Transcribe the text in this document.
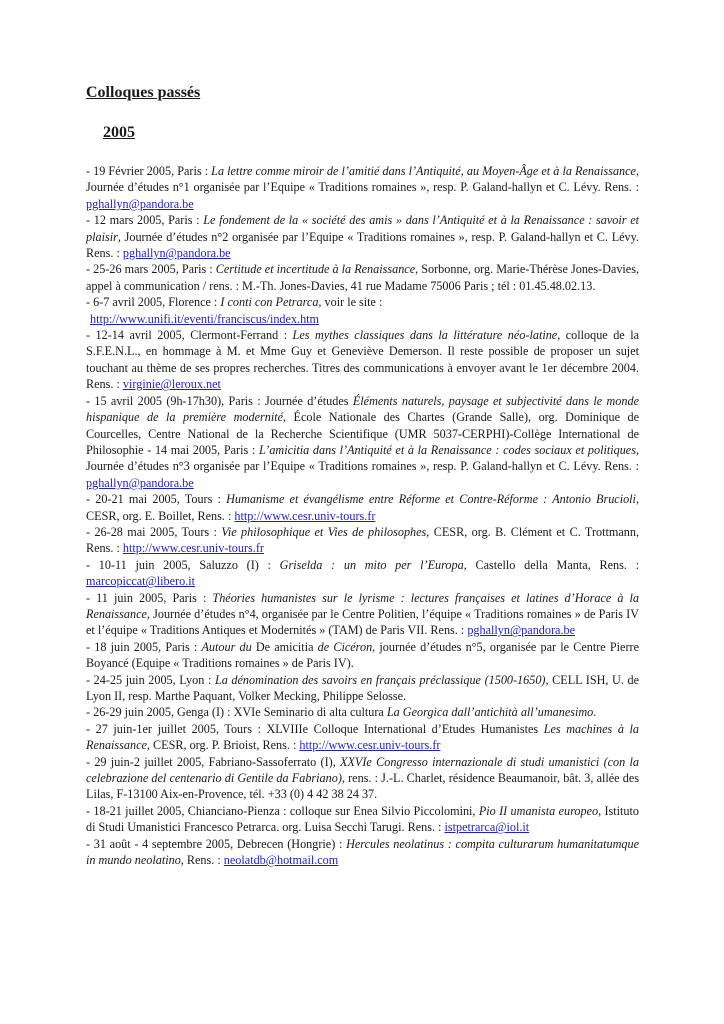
Colloques passés
2005

- 19 Février 2005, Paris : La lettre comme miroir de l’amitié dans l’Antiquité, au Moyen-Âge et à la Renaissance, Journée d’études n°1 organisée par l’Equipe « Traditions romaines », resp. P. Galand-hallyn et C. Lévy. Rens. : pghallyn@pandora.be

- 12 mars 2005, Paris : Le fondement de la « société des amis » dans l’Antiquité et à la Renaissance : savoir et plaisir, Journée d’études n°2 organisée par l’Equipe « Traditions romaines », resp. P. Galand-hallyn et C. Lévy. Rens. : pghallyn@pandora.be

- 25-26 mars 2005, Paris : Certitude et incertitude à la Renaissance, Sorbonne, org. Marie-Thérèse Jones-Davies, appel à communication / rens. : M.-Th. Jones-Davies, 41 rue Madame 75006 Paris ; tél : 01.45.48.02.13.

- 6-7 avril 2005, Florence : I conti con Petrarca, voir le site :
http://www.unifi.it/eventi/franciscus/index.htm

- 12-14 avril 2005, Clermont-Ferrand : Les mythes classiques dans la littérature néo-latine, colloque de la S.F.E.N.L., en hommage à M. et Mme Guy et Geneviève Demerson. Il reste possible de proposer un sujet touchant au thème de ses propres recherches. Titres des communications à envoyer avant le 1er décembre 2004. Rens. : virginie@leroux.net

- 15 avril 2005 (9h-17h30), Paris : Journée d’études Éléments naturels, paysage et subjectivité dans le monde hispanique de la première modernité, École Nationale des Chartes (Grande Salle), org. Dominique de Courcelles, Centre National de la Recherche Scientifique (UMR 5037-CERPHI)-Collège International de Philosophie - 14 mai 2005, Paris : L’amicitia dans l’Antiquité et à la Renaissance : codes sociaux et politiques, Journée d’études n°3 organisée par l’Equipe « Traditions romaines », resp. P. Galand-hallyn et C. Lévy. Rens. : pghallyn@pandora.be

- 20-21 mai 2005, Tours : Humanisme et évangélisme entre Réforme et Contre-Réforme : Antonio Brucioli, CESR, org. E. Boillet, Rens. : http://www.cesr.univ-tours.fr

- 26-28 mai 2005, Tours : Vie philosophique et Vies de philosophes, CESR, org. B. Clément et C. Trottmann, Rens. : http://www.cesr.univ-tours.fr

- 10-11 juin 2005, Saluzzo (I) : Griselda : un mito per l’Europa, Castello della Manta, Rens. : marcopiccat@libero.it

- 11 juin 2005, Paris : Théories humanistes sur le lyrisme : lectures françaises et latines d’Horace à la Renaissance, Journée d’études n°4, organisée par le Centre Politien, l’équipe « Traditions romaines » de Paris IV et l’équipe « Traditions Antiques et Modernités » (TAM) de Paris VII. Rens. : pghallyn@pandora.be

- 18 juin 2005, Paris : Autour du De amicitia de Cicéron, journée d’études n°5, organisée par le Centre Pierre Boyancé (Equipe « Traditions romaines » de Paris IV).

- 24-25 juin 2005, Lyon : La dénomination des savoirs en français préclassique (1500-1650), CELL ISH, U. de Lyon II, resp. Marthe Paquant, Volker Mecking, Philippe Selosse.

- 26-29 juin 2005, Genga (I) : XVIe Seminario di alta cultura La Georgica dall’antichità all’umanesimo.

- 27 juin-1er juillet 2005, Tours : XLVIIIe Colloque International d’Etudes Humanistes Les machines à la Renaissance, CESR, org. P. Brioist, Rens. : http://www.cesr.univ-tours.fr

- 29 juin-2 juillet 2005, Fabriano-Sassoferrato (I), XXVIe Congresso internazionale di studi umanistici (con la celebrazione del centenario di Gentile da Fabriano), rens. : J.-L. Charlet, résidence Beaumanoir, bât. 3, allée des Lilas, F-13100 Aix-en-Provence, tél. +33 (0) 4 42 38 24 37.

- 18-21 juillet 2005, Chianciano-Pienza : colloque sur Enea Silvio Piccolomini, Pio II umanista europeo, Istituto di Studi Umanistici Francesco Petrarca. org. Luisa Secchi Tarugi. Rens. : istpetrarca@iol.it

- 31 août - 4 septembre 2005, Debrecen (Hongrie) : Hercules neolatinus : compita culturarum humanitatumque in mundo neolatino, Rens. : neolatdb@hotmail.com
